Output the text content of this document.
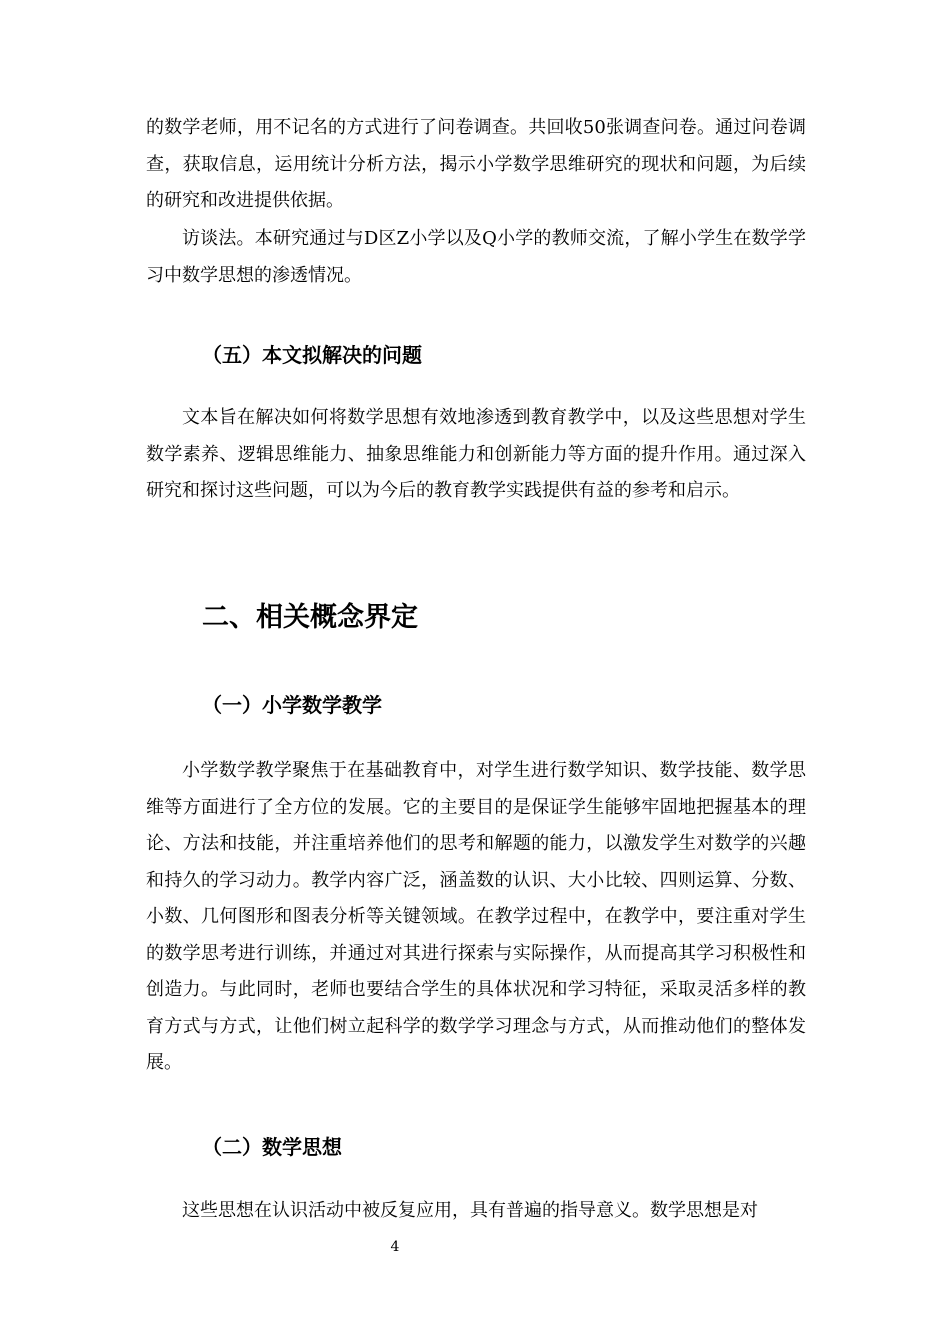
的数学老师，用不记名的方式进行了问卷调查。共回收50张调查问卷。通过问卷调查，获取信息，运用统计分析方法，揭示小学数学思维研究的现状和问题，为后续的研究和改进提供依据。

访谈法。本研究通过与D区Z小学以及Q小学的教师交流，了解小学生在数学学习中数学思想的渗透情况。

（五）本文拟解决的问题

文本旨在解决如何将数学思想有效地渗透到教育教学中，以及这些思想对学生数学素养、逻辑思维能力、抽象思维能力和创新能力等方面的提升作用。通过深入研究和探讨这些问题，可以为今后的教育教学实践提供有益的参考和启示。

二、相关概念界定
（一）小学数学教学

小学数学教学聚焦于在基础教育中，对学生进行数学知识、数学技能、数学思维等方面进行了全方位的发展。它的主要目的是保证学生能够牢固地把握基本的理论、方法和技能，并注重培养他们的思考和解题的能力，以激发学生对数学的兴趣和持久的学习动力。教学内容广泛，涵盖数的认识、大小比较、四则运算、分数、小数、几何图形和图表分析等关键领域。在教学过程中，在教学中，要注重对学生的数学思考进行训练，并通过对其进行探索与实际操作，从而提高其学习积极性和创造力。与此同时，老师也要结合学生的具体状况和学习特征，采取灵活多样的教育方式与方式，让他们树立起科学的数学学习理念与方式，从而推动他们的整体发展。

（二）数学思想

这些思想在认识活动中被反复应用，具有普遍的指导意义。数学思想是对

4
